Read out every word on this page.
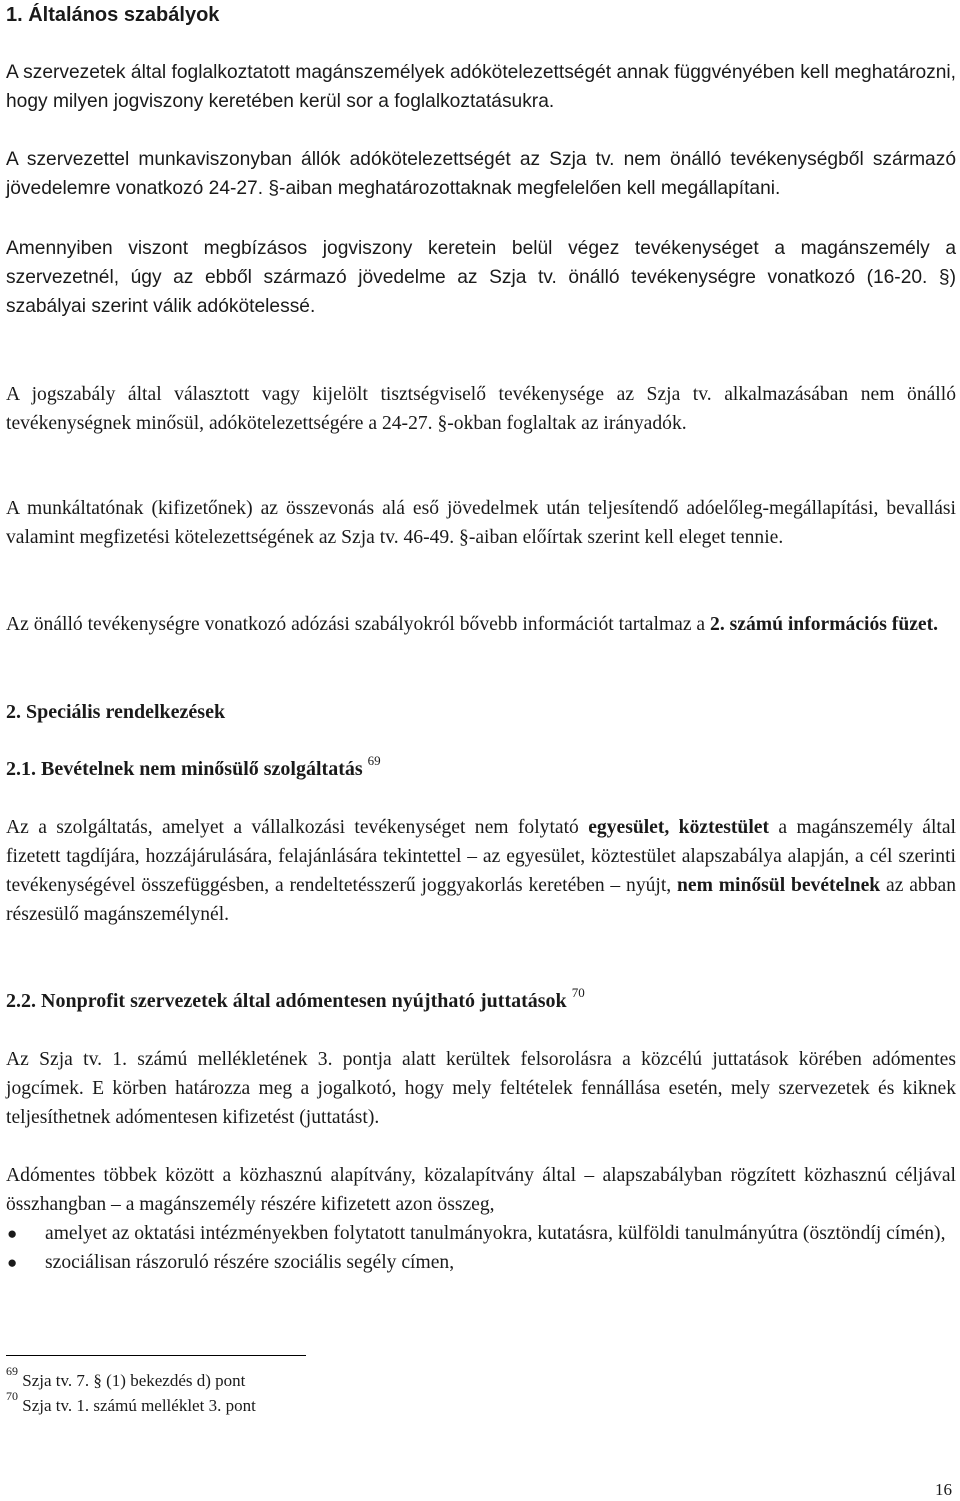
1. Általános szabályok

A szervezetek által foglalkoztatott magánszemélyek adókötelezettségét annak függvényében kell meghatározni, hogy milyen jogviszony keretében kerül sor a foglalkoztatásukra.

A szervezettel munkaviszonyban állók adókötelezettségét az Szja tv. nem önálló tevékenységből származó jövedelemre vonatkozó 24-27. §-aiban meghatározottaknak megfelelően kell megállapítani.

Amennyiben viszont megbízásos jogviszony keretein belül végez tevékenységet a magánszemély a szervezetnél, úgy az ebből származó jövedelme az Szja tv. önálló tevékenységre vonatkozó (16-20. §) szabályai szerint válik adókötelessé.

A jogszabály által választott vagy kijelölt tisztségviselő tevékenysége az Szja tv. alkalmazásában nem önálló tevékenységnek minősül, adókötelezettségére a 24-27. §-okban foglaltak az irányadók.

A munkáltatónak (kifizetőnek) az összevonás alá eső jövedelmek után teljesítendő adóelőleg-megállapítási, bevallási valamint megfizetési kötelezettségének az Szja tv. 46-49. §-aiban előírtak szerint kell eleget tennie.

Az önálló tevékenységre vonatkozó adózási szabályokról bővebb információt tartalmaz a 2. számú információs füzet.

2. Speciális rendelkezések
2.1. Bevételnek nem minősülő szolgáltatás $^{69}$

Az a szolgáltatás, amelyet a vállalkozási tevékenységet nem folytató egyesület, köztestület a magánszemély által fizetett tagdíjára, hozzájárulására, felajánlására tekintettel – az egyesület, köztestület alapszabálya alapján, a cél szerinti tevékenységével összefüggésben, a rendeltetésszerű joggyakorlás keretében – nyújt, nem minősül bevételnek az abban részesülő magánszemélynél.

2.2. Nonprofit szervezetek által adómentesen nyújtható juttatások $^{70}$

Az Szja tv. 1. számú mellékletének 3. pontja alatt kerültek felsorolásra a közcélú juttatások körében adómentes jogcímek. E körben határozza meg a jogalkotó, hogy mely feltételek fennállása esetén, mely szervezetek és kiknek teljesíthetnek adómentesen kifizetést (juttatást).

Adómentes többek között a közhasznú alapítvány, közalapítvány által – alapszabályban rögzített közhasznú céljával összhangban – a magánszemély részére kifizetett azon összeg,

● amelyet az oktatási intézményekben folytatott tanulmányokra, kutatásra, külföldi tanulmányútra (ösztöndíj címén),
● szociálisan rászoruló részére szociális segély címen,
$^{69}$ Szja tv. 7. § (1) bekezdés d) pont
$^{70}$ Szja tv. 1. számú melléklet 3. pont
16
